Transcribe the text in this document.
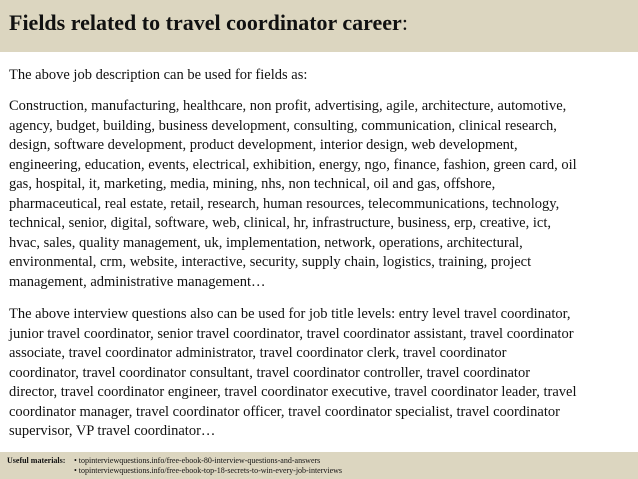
Fields related to travel coordinator career:
The above job description can be used for fields as:
Construction, manufacturing, healthcare, non profit, advertising, agile, architecture, automotive,
agency, budget, building, business development, consulting, communication, clinical research,
design, software development, product development, interior design, web development,
engineering, education, events, electrical, exhibition, energy, ngo, finance, fashion, green card, oil
gas, hospital, it, marketing, media, mining, nhs, non technical, oil and gas, offshore,
pharmaceutical, real estate, retail, research, human resources, telecommunications, technology,
technical, senior, digital, software, web, clinical, hr, infrastructure, business, erp, creative, ict,
hvac, sales, quality management, uk, implementation, network, operations, architectural,
environmental, crm, website, interactive, security, supply chain, logistics, training, project
management, administrative management…
The above interview questions also can be used for job title levels: entry level travel coordinator,
junior travel coordinator, senior travel coordinator, travel coordinator assistant, travel coordinator
associate, travel coordinator administrator, travel coordinator clerk, travel coordinator
coordinator, travel coordinator consultant, travel coordinator controller, travel coordinator
director, travel coordinator engineer, travel coordinator executive, travel coordinator leader, travel
coordinator manager, travel coordinator officer, travel coordinator specialist, travel coordinator
supervisor, VP travel coordinator…
Useful materials: • topinterviewquestions.info/free-ebook-80-interview-questions-and-answers
• topinterviewquestions.info/free-ebook-top-18-secrets-to-win-every-job-interviews
